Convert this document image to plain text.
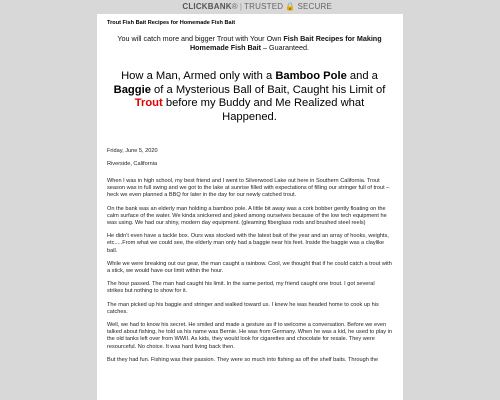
CLICKBANK® | TRUSTED 🔒 SECURE

Trout Fish Bait Recipes for Homemade Fish Bait

You will catch more and bigger Trout with Your Own Fish Bait Recipes for Making Homemade Fish Bait – Guaranteed.
How a Man, Armed only with a Bamboo Pole and a Baggie of a Mysterious Ball of Bait, Caught his Limit of Trout before my Buddy and Me Realized what Happened.
Friday, June 5, 2020
Riverside, California
When I was in high school, my best friend and I went to Silverwood Lake out here in Southern California. Trout season was in full swing and we got to the lake at sunrise filled with expectations of filling our stringer full of trout – heck we even planned a BBQ for later in the day for our newly catched trout.
On the bank was an elderly man holding a bamboo pole. A little bit away was a cork bobber gently floating on the calm surface of the water. We kinda snickered and joked among ourselves because of the low tech equipment he was using. We had our shiny, modern day equipment. (gleaming fiberglass rods and brushed steel reels)
He didn't even have a tackle box. Ours was stocked with the latest bait of the year and an array of hooks, weights, etc.....From what we could see, the elderly man only had a baggie near his feet. Inside the baggie was a claylike ball.
While we were breaking out our gear, the man caught a rainbow. Cool, we thought that if he could catch a trout with a stick, we would have our limit within the hour.
The hour passed. The man had caught his limit. In the same period, my friend caught one trout. I got several strikes but nothing to show for it.
The man picked up his baggie and stringer and walked toward us. I knew he was headed home to cook up his catches.
Well, we had to know his secret. He smiled and made a gesture as if to welcome a conversation. Before we even talked about fishing, he told us his name was Bernie. He was from Germany. When he was a kid, he used to play in the old tanks left over from WWII. As kids, they would look for cigarettes and chocolate for resale. They were resourceful. No choice. It was hard living back then.
But they had fun. Fishing was their passion. They were so much into fishing as off the shelf baits. Through the
